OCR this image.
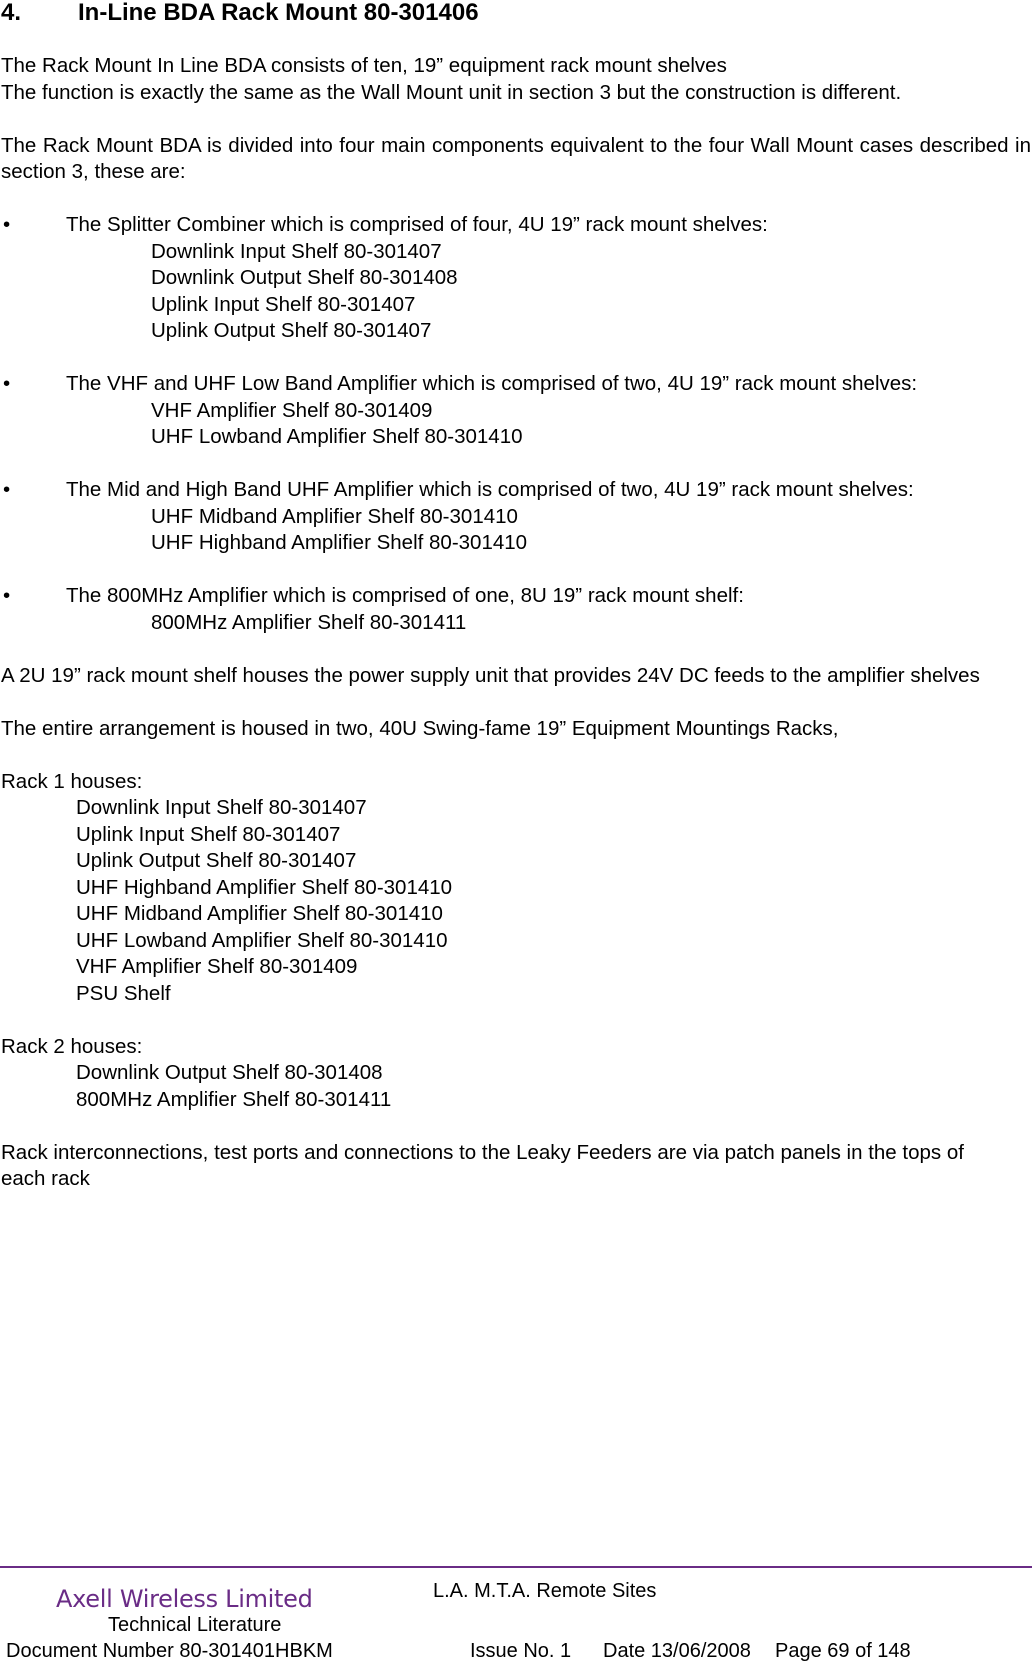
4. In-Line BDA Rack Mount 80-301406

The Rack Mount In Line BDA consists of ten, 19” equipment rack mount shelves

The function is exactly the same as the Wall Mount unit in section 3 but the construction is different.

The Rack Mount BDA is divided into four main components equivalent to the four Wall Mount cases described in section 3, these are:

•	The Splitter Combiner which is comprised of four, 4U 19” rack mount shelves:

Downlink Input Shelf 80-301407

Downlink Output Shelf 80-301408

Uplink Input Shelf 80-301407

Uplink Output Shelf 80-301407

•	The VHF and UHF Low Band Amplifier which is comprised of two, 4U 19” rack mount shelves:

VHF Amplifier Shelf 80-301409

UHF Lowband Amplifier Shelf 80-301410

•	The Mid and High Band UHF Amplifier which is comprised of two, 4U 19” rack mount shelves:

UHF Midband Amplifier Shelf 80-301410

UHF Highband Amplifier Shelf 80-301410

•	The 800MHz Amplifier which is comprised of one, 8U 19” rack mount shelf:

800MHz Amplifier Shelf 80-301411

A 2U 19” rack mount shelf houses the power supply unit that provides 24V DC feeds to the amplifier shelves

The entire arrangement is housed in two, 40U Swing-fame 19” Equipment Mountings Racks,

Rack 1 houses:

Downlink Input Shelf 80-301407

Uplink Input Shelf 80-301407

Uplink Output Shelf 80-301407

UHF Highband Amplifier Shelf 80-301410

UHF Midband Amplifier Shelf 80-301410

UHF Lowband Amplifier Shelf 80-301410

VHF Amplifier Shelf 80-301409

PSU Shelf

Rack 2 houses:

Downlink Output Shelf 80-301408

800MHz Amplifier Shelf 80-301411

Rack interconnections, test ports and connections to the Leaky Feeders are via patch panels in the tops of each rack

Axell Wireless Limited	L.A. M.T.A. Remote Sites
Technical Literature
Document Number 80-301401HBKM	Issue No. 1 Date 13/06/2008 Page 69 of 148
